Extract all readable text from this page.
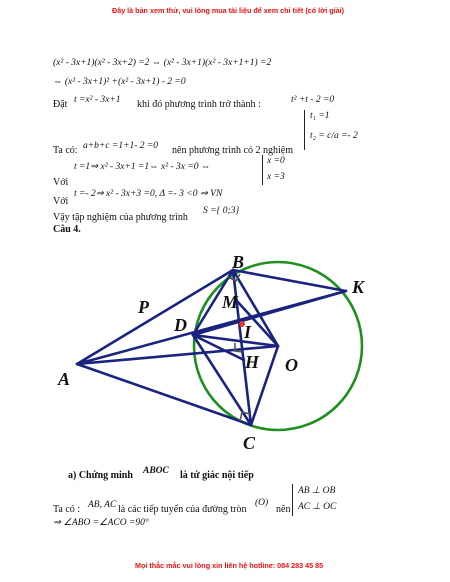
Đây là bản xem thử, vui lòng mua tài liệu để xem chi tiết (có lời giải)
(x² - 3x+1)(x² - 3x+2) =2 ⇔ (x² - 3x+1)(x² - 3x+1+1) =2
⇔ (x² - 3x+1)² +(x² - 3x+1) - 2 =0
Đặt t =x² - 3x+1 khi đó phương trình trở thành :	t² +t - 2 =0
t₁ =1
t₂ = c/a =- 2
Ta có: a+b+c =1+1- 2 =0 nên phương trình có 2 nghiệm
t =1⇒ x² - 3x+1 =1⇔ x² - 3x =0 ⇔
x =0
x =3
Với
t =- 2⇒ x² - 3x+3 =0, Δ =- 3 <0 ⇒ VN
Với
Vậy tập nghiệm của phương trình
S ={ 0;3}
Câu 4.
B
K
P	M
D	I
H O
A
C
a) Chứng minh ABOC là tứ giác nội tiếp
AB ⊥ OB
AC ⊥ OC
Ta có : AB, AC là các tiếp tuyến của đường tròn
(O)
nên
⇒ ∠ABO =∠ACO =90°
Mọi thắc mắc vui lòng xin liên hệ hotline: 084 283 45 85
